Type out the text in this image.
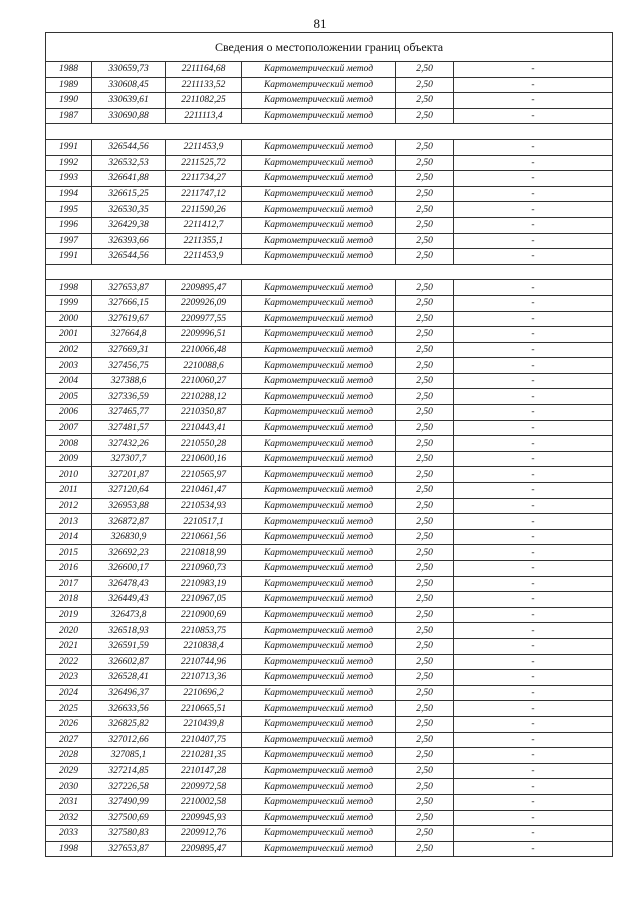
81
Сведения о местоположении границ объекта					
1988	330659,73	2211164,68	Картометрический метод	2,50	-
1989	330608,45	2211133,52	Картометрический метод	2,50	-
1990	330639,61	2211082,25	Картометрический метод	2,50	-
1987	330690,88	2211113,4	Картометрический метод	2,50	-

1991	326544,56	2211453,9	Картометрический метод	2,50	-
1992	326532,53	2211525,72	Картометрический метод	2,50	-
1993	326641,88	2211734,27	Картометрический метод	2,50	-
1994	326615,25	2211747,12	Картометрический метод	2,50	-
1995	326530,35	2211590,26	Картометрический метод	2,50	-
1996	326429,38	2211412,7	Картометрический метод	2,50	-
1997	326393,66	2211355,1	Картометрический метод	2,50	-
1991	326544,56	2211453,9	Картометрический метод	2,50	-

1998	327653,87	2209895,47	Картометрический метод	2,50	-
1999	327666,15	2209926,09	Картометрический метод	2,50	-
2000	327619,67	2209977,55	Картометрический метод	2,50	-
2001	327664,8	2209996,51	Картометрический метод	2,50	-
2002	327669,31	2210066,48	Картометрический метод	2,50	-
2003	327456,75	2210088,6	Картометрический метод	2,50	-
2004	327388,6	2210060,27	Картометрический метод	2,50	-
2005	327336,59	2210288,12	Картометрический метод	2,50	-
2006	327465,77	2210350,87	Картометрический метод	2,50	-
2007	327481,57	2210443,41	Картометрический метод	2,50	-
2008	327432,26	2210550,28	Картометрический метод	2,50	-
2009	327307,7	2210600,16	Картометрический метод	2,50	-
2010	327201,87	2210565,97	Картометрический метод	2,50	-
2011	327120,64	2210461,47	Картометрический метод	2,50	-
2012	326953,88	2210534,93	Картометрический метод	2,50	-
2013	326872,87	2210517,1	Картометрический метод	2,50	-
2014	326830,9	2210661,56	Картометрический метод	2,50	-
2015	326692,23	2210818,99	Картометрический метод	2,50	-
2016	326600,17	2210960,73	Картометрический метод	2,50	-
2017	326478,43	2210983,19	Картометрический метод	2,50	-
2018	326449,43	2210967,05	Картометрический метод	2,50	-
2019	326473,8	2210900,69	Картометрический метод	2,50	-
2020	326518,93	2210853,75	Картометрический метод	2,50	-
2021	326591,59	2210838,4	Картометрический метод	2,50	-
2022	326602,87	2210744,96	Картометрический метод	2,50	-
2023	326528,41	2210713,36	Картометрический метод	2,50	-
2024	326496,37	2210696,2	Картометрический метод	2,50	-
2025	326633,56	2210665,51	Картометрический метод	2,50	-
2026	326825,82	2210439,8	Картометрический метод	2,50	-
2027	327012,66	2210407,75	Картометрический метод	2,50	-
2028	327085,1	2210281,35	Картометрический метод	2,50	-
2029	327214,85	2210147,28	Картометрический метод	2,50	-
2030	327226,58	2209972,58	Картометрический метод	2,50	-
2031	327490,99	2210002,58	Картометрический метод	2,50	-
2032	327500,69	2209945,93	Картометрический метод	2,50	-
2033	327580,83	2209912,76	Картометрический метод	2,50	-
1998	327653,87	2209895,47	Картометрический метод	2,50	-
